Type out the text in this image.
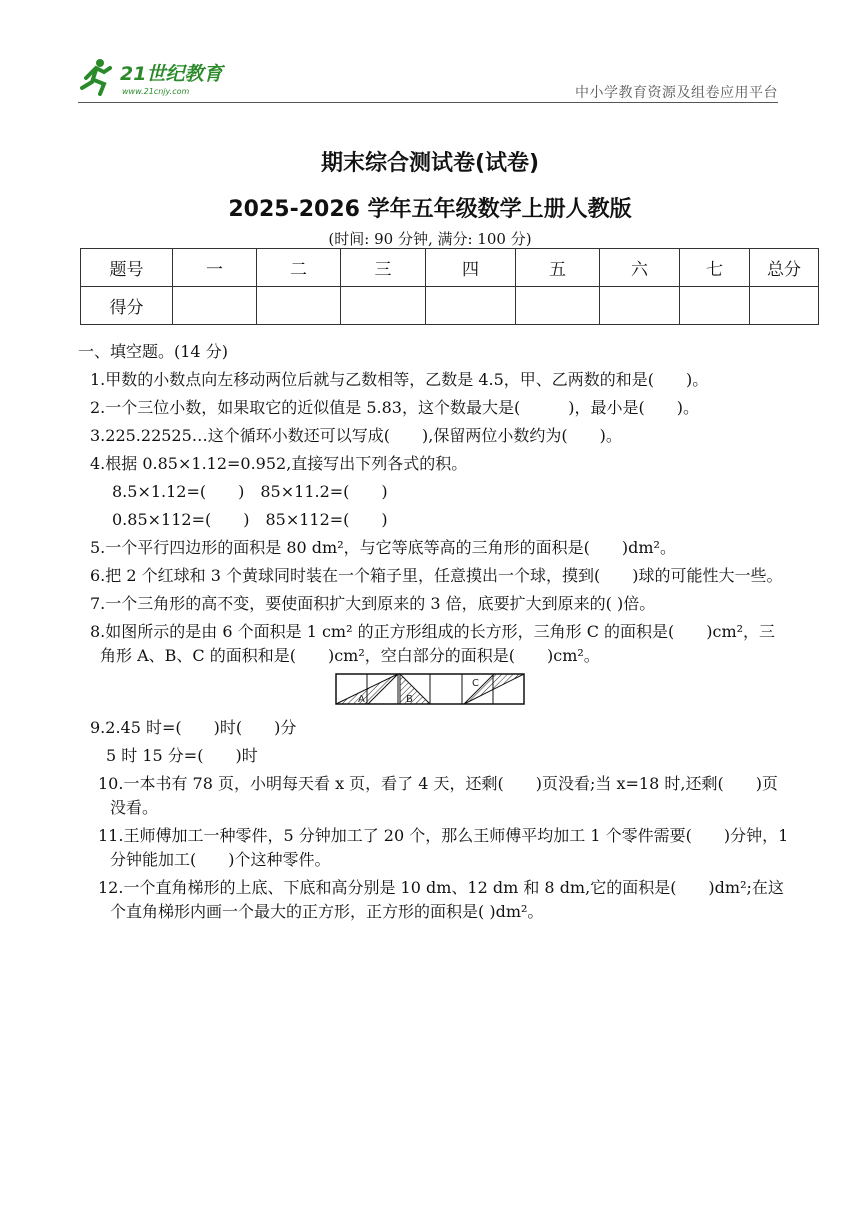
21世纪教育
www.21cnjy.com	中小学教育资源及组卷应用平台
期末综合测试卷(试卷)
2025-2026 学年五年级数学上册人教版
(时间: 90 分钟, 满分: 100 分)
题号	一	二	三	四	五	六	七	总分
得分								
一、填空题。(14 分)
1.甲数的小数点向左移动两位后就与乙数相等，乙数是 4.5，甲、乙两数的和是(　　)。
2.一个三位小数，如果取它的近似值是 5.83，这个数最大是(　　　)，最小是(　　)。
3.225.22525…这个循环小数还可以写成(　　),保留两位小数约为(　　)。
4.根据 0.85×1.12=0.952,直接写出下列各式的积。
8.5×1.12=(　　)　85×11.2=(　　)
0.85×112=(　　)　85×112=(　　)
5.一个平行四边形的面积是 80 dm²，与它等底等高的三角形的面积是(　　)dm²。
6.把 2 个红球和 3 个黄球同时装在一个箱子里，任意摸出一个球，摸到(　　)球的可能性大一些。
7.一个三角形的高不变，要使面积扩大到原来的 3 倍，底要扩大到原来的( )倍。
8.如图所示的是由 6 个面积是 1 cm² 的正方形组成的长方形，三角形 C 的面积是(　　)cm²，三角形 A、B、C 的面积和是(　　)cm²，空白部分的面积是(　　)cm²。
A	B
C
9.2.45 时=(　　)时(　　)分
5 时 15 分=(　　)时
10.一本书有 78 页，小明每天看 x 页，看了 4 天，还剩(　　)页没看;当 x=18 时,还剩(　　)页没看。
11.王师傅加工一种零件，5 分钟加工了 20 个，那么王师傅平均加工 1 个零件需要(　　)分钟，1 分钟能加工(　　)个这种零件。
12.一个直角梯形的上底、下底和高分别是 10 dm、12 dm 和 8 dm,它的面积是(　　)dm²;在这个直角梯形内画一个最大的正方形，正方形的面积是( )dm²。
